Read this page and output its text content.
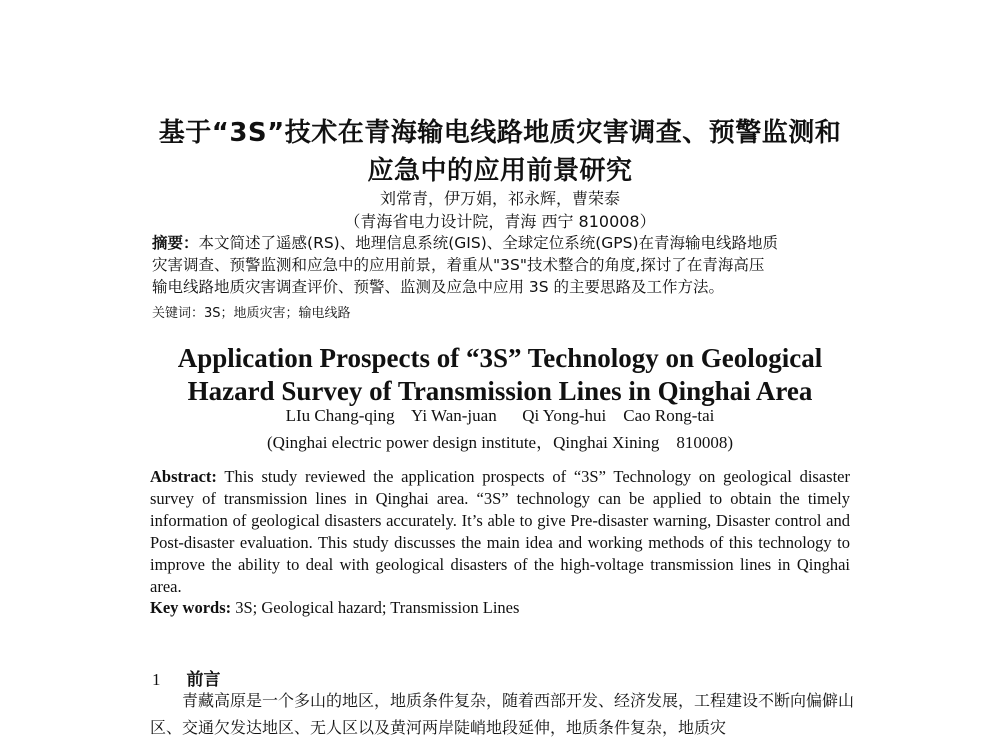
基于“3S”技术在青海输电线路地质灾害调查、预警监测和
应急中的应用前景研究
刘常青，伊万娟，祁永辉，曹荣泰
（青海省电力设计院，青海 西宁 810008）
摘要：本文简述了遥感(RS)、地理信息系统(GIS)、全球定位系统(GPS)在青海输电线路地质
灾害调查、预警监测和应急中的应用前景，着重从"3S"技术整合的角度,探讨了在青海高压
输电线路地质灾害调查评价、预警、监测及应急中应用 3S 的主要思路及工作方法。
关键词：3S；地质灾害；输电线路
Application Prospects of “3S” Technology on Geological
Hazard Survey of Transmission Lines in Qinghai Area
LIu Chang-qing    Yi Wan-juan      Qi Yong-hui    Cao Rong-tai
(Qinghai electric power design institute，Qinghai Xining    810008)
Abstract: This study reviewed the application prospects of “3S” Technology on geological disaster survey of transmission lines in Qinghai area. “3S” technology can be applied to obtain the timely information of geological disasters accurately. It’s able to give Pre-disaster warning, Disaster control and Post-disaster evaluation. This study discusses the main idea and working methods of this technology to improve the ability to deal with geological disasters of the high-voltage transmission lines in Qinghai area.
Key words: 3S; Geological hazard; Transmission Lines
1 前言
青藏高原是一个多山的地区，地质条件复杂，随着西部开发、经济发展，工程建设不断向偏僻山区、交通欠发达地区、无人区以及黄河两岸陡峭地段延伸，地质条件复杂，地质灾
